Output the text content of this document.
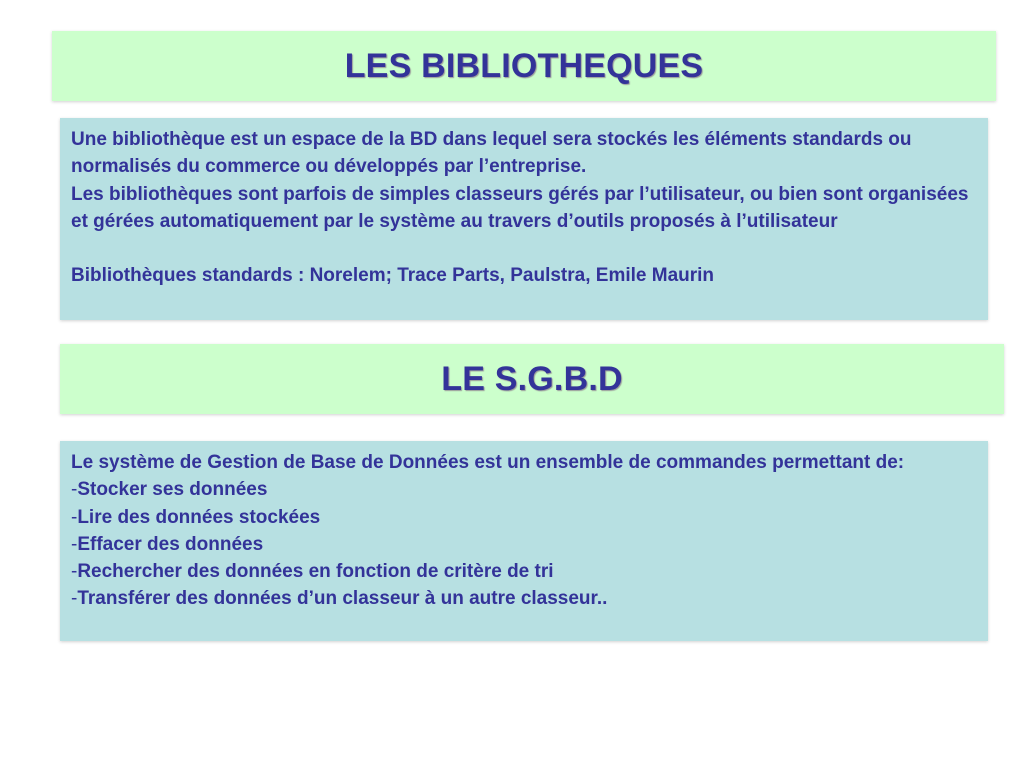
LES BIBLIOTHEQUES

Une bibliothèque est un espace de la BD dans lequel sera stockés les éléments standards ou normalisés du commerce ou développés par l’entreprise.

Les bibliothèques sont parfois de simples classeurs gérés par l’utilisateur, ou bien sont organisées et gérées automatiquement par le système au travers d’outils proposés à l’utilisateur

Bibliothèques standards : Norelem; Trace Parts, Paulstra, Emile Maurin

LE S.G.B.D

Le système de Gestion de Base de Données est un ensemble de commandes permettant de:

-Stocker ses données
-Lire des données stockées
-Effacer des données
-Rechercher des données en fonction de critère de tri
-Transférer des données d’un classeur à un autre classeur..
